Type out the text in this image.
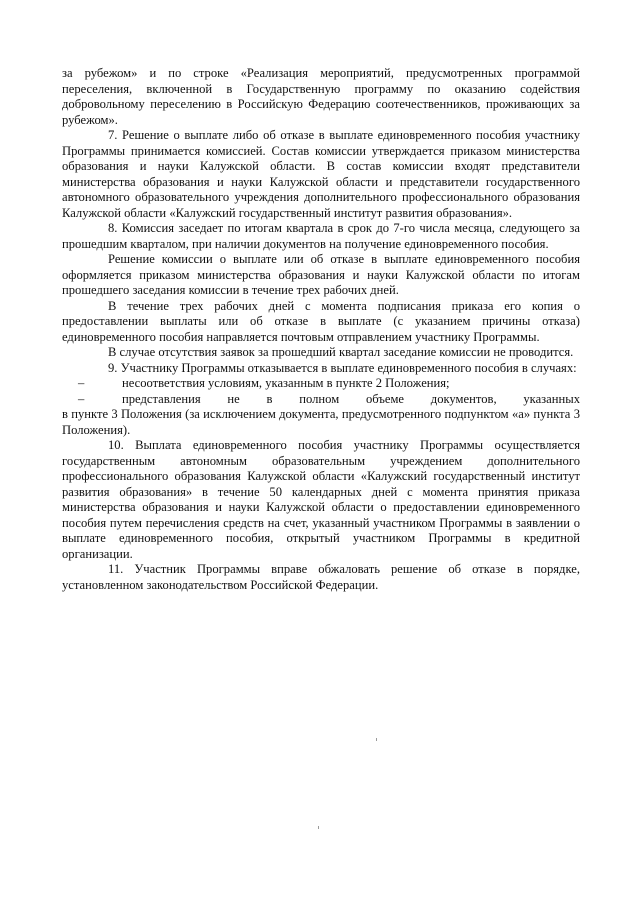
за рубежом» и по строке «Реализация мероприятий, предусмотренных программой переселения, включенной в Государственную программу по оказанию содействия добровольному переселению в Российскую Федерацию соотечественников, проживающих за рубежом».

7. Решение о выплате либо об отказе в выплате единовременного пособия участнику Программы принимается комиссией. Состав комиссии утверждается приказом министерства образования и науки Калужской области. В состав комиссии входят представители министерства образования и науки Калужской области и представители государственного автономного образовательного учреждения дополнительного профессионального образования Калужской области «Калужский государственный институт развития образования».

8. Комиссия заседает по итогам квартала в срок до 7-го числа месяца, следующего за прошедшим кварталом, при наличии документов на получение единовременного пособия.

Решение комиссии о выплате или об отказе в выплате единовременного пособия оформляется приказом министерства образования и науки Калужской области по итогам прошедшего заседания комиссии в течение трех рабочих дней.

В течение трех рабочих дней с момента подписания приказа его копия о предоставлении выплаты или об отказе в выплате (с указанием причины отказа) единовременного пособия направляется почтовым отправлением участнику Программы.

В случае отсутствия заявок за прошедший квартал заседание комиссии не проводится.

9. Участнику Программы отказывается в выплате единовременного пособия в случаях:

–	несоответствия условиям, указанным в пункте 2 Положения;
–	представления не в полном объеме документов, указанных

в пункте 3 Положения (за исключением документа, предусмотренного подпунктом «а» пункта 3 Положения).

10. Выплата единовременного пособия участнику Программы осуществляется государственным автономным образовательным учреждением дополнительного профессионального образования Калужской области «Калужский государственный институт развития образования» в течение 50 календарных дней с момента принятия приказа министерства образования и науки Калужской области о предоставлении единовременного пособия путем перечисления средств на счет, указанный участником Программы в заявлении о выплате единовременного пособия, открытый участником Программы в кредитной организации.

11. Участник Программы вправе обжаловать решение об отказе в порядке, установленном законодательством Российской Федерации.
